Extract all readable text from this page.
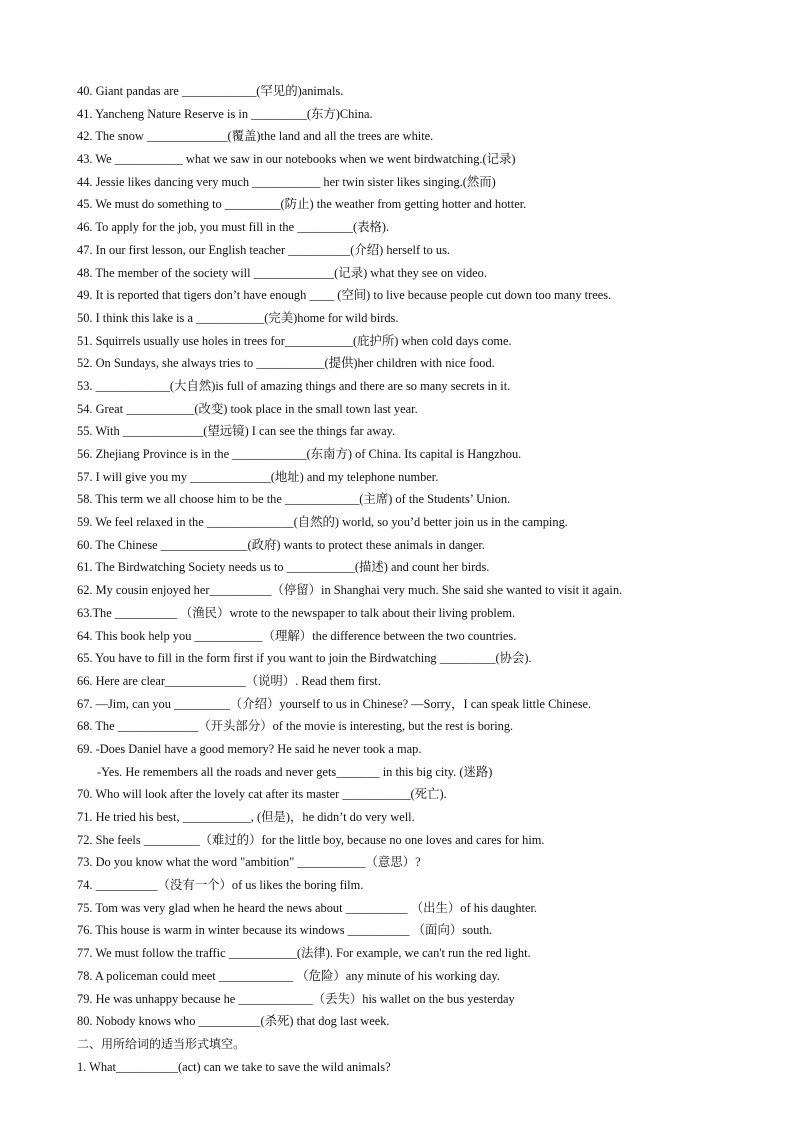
40. Giant pandas are ____________(罕见的)animals.
41. Yancheng Nature Reserve is in _________(东方)China.
42. The snow _____________(覆盖)the land and all the trees are white.
43. We ___________ what we saw in our notebooks when we went birdwatching.(记录)
44. Jessie likes dancing very much ___________ her twin sister likes singing.(然而)
45. We must do something to _________(防止) the weather from getting hotter and hotter.
46. To apply for the job, you must fill in the _________(表格).
47. In our first lesson, our English teacher __________(介绍) herself to us.
48. The member of the society will _____________(记录) what they see on video.
49. It is reported that tigers don’t have enough ____ (空间) to live because people cut down too many trees.
50. I think this lake is a ___________(完美)home for wild birds.
51. Squirrels usually use holes in trees for___________(庇护所) when cold days come.
52. On Sundays, she always tries to ___________(提供)her children with nice food.
53. ____________(大自然)is full of amazing things and there are so many secrets in it.
54. Great ___________(改变) took place in the small town last year.
55. With _____________(望远镜) I can see the things far away.
56. Zhejiang Province is in the ____________(东南方) of China. Its capital is Hangzhou.
57. I will give you my _____________(地址) and my telephone number.
58. This term we all choose him to be the ____________(主席) of the Students’ Union.
59. We feel relaxed in the ______________(自然的) world, so you’d better join us in the camping.
60. The Chinese ______________(政府) wants to protect these animals in danger.
61. The Birdwatching Society needs us to ___________(描述) and count her birds.
62. My cousin enjoyed her__________（停留）in Shanghai very much. She said she wanted to visit it again.
63.The __________ （渔民）wrote to the newspaper to talk about their living problem.
64. This book help you ___________（理解）the difference between the two countries.
65. You have to fill in the form first if you want to join the Birdwatching _________(协会).
66. Here are clear_____________（说明）. Read them first.
67. —Jim, can you _________（介绍）yourself to us in Chinese? —Sorry，I can speak little Chinese.
68. The _____________（开头部分）of the movie is interesting, but the rest is boring.
69. -Does Daniel have a good memory? He said he never took a map.
-Yes. He remembers all the roads and never gets_______ in this big city. (迷路)
70. Who will look after the lovely cat after its master ___________(死亡).
71. He tried his best, ___________, (但是)，he didn’t do very well.
72. She feels _________（难过的）for the little boy, because no one loves and cares for him.
73. Do you know what the word "ambition" ___________（意思）?
74. __________（没有一个）of us likes the boring film.
75. Tom was very glad when he heard the news about __________ （出生）of his daughter.
76. This house is warm in winter because its windows __________ （面向）south.
77. We must follow the traffic ___________(法律). For example, we can't run the red light.
78. A policeman could meet ____________ （危险）any minute of his working day.
79. He was unhappy because he ____________（丢失）his wallet on the bus yesterday
80. Nobody knows who __________(杀死) that dog last week.
二、用所给词的适当形式填空。
1. What__________(act) can we take to save the wild animals?
